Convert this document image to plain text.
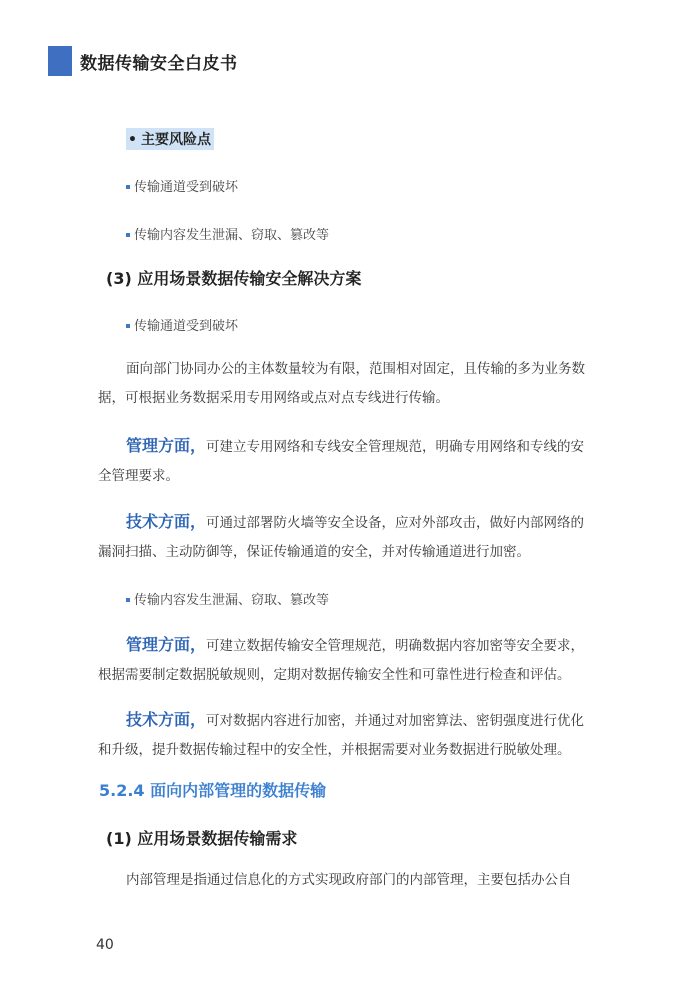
数据传输安全白皮书
• 主要风险点
传输通道受到破坏
传输内容发生泄漏、窃取、篡改等
(3) 应用场景数据传输安全解决方案
传输通道受到破坏
面向部门协同办公的主体数量较为有限，范围相对固定，且传输的多为业务数据，可根据业务数据采用专用网络或点对点专线进行传输。
管理方面，可建立专用网络和专线安全管理规范，明确专用网络和专线的安全管理要求。
技术方面，可通过部署防火墙等安全设备，应对外部攻击，做好内部网络的漏洞扫描、主动防御等，保证传输通道的安全，并对传输通道进行加密。
传输内容发生泄漏、窃取、篡改等
管理方面，可建立数据传输安全管理规范，明确数据内容加密等安全要求，根据需要制定数据脱敏规则，定期对数据传输安全性和可靠性进行检查和评估。
技术方面，可对数据内容进行加密，并通过对加密算法、密钥强度进行优化和升级，提升数据传输过程中的安全性，并根据需要对业务数据进行脱敏处理。
5.2.4 面向内部管理的数据传输
(1) 应用场景数据传输需求
内部管理是指通过信息化的方式实现政府部门的内部管理，主要包括办公自
40
